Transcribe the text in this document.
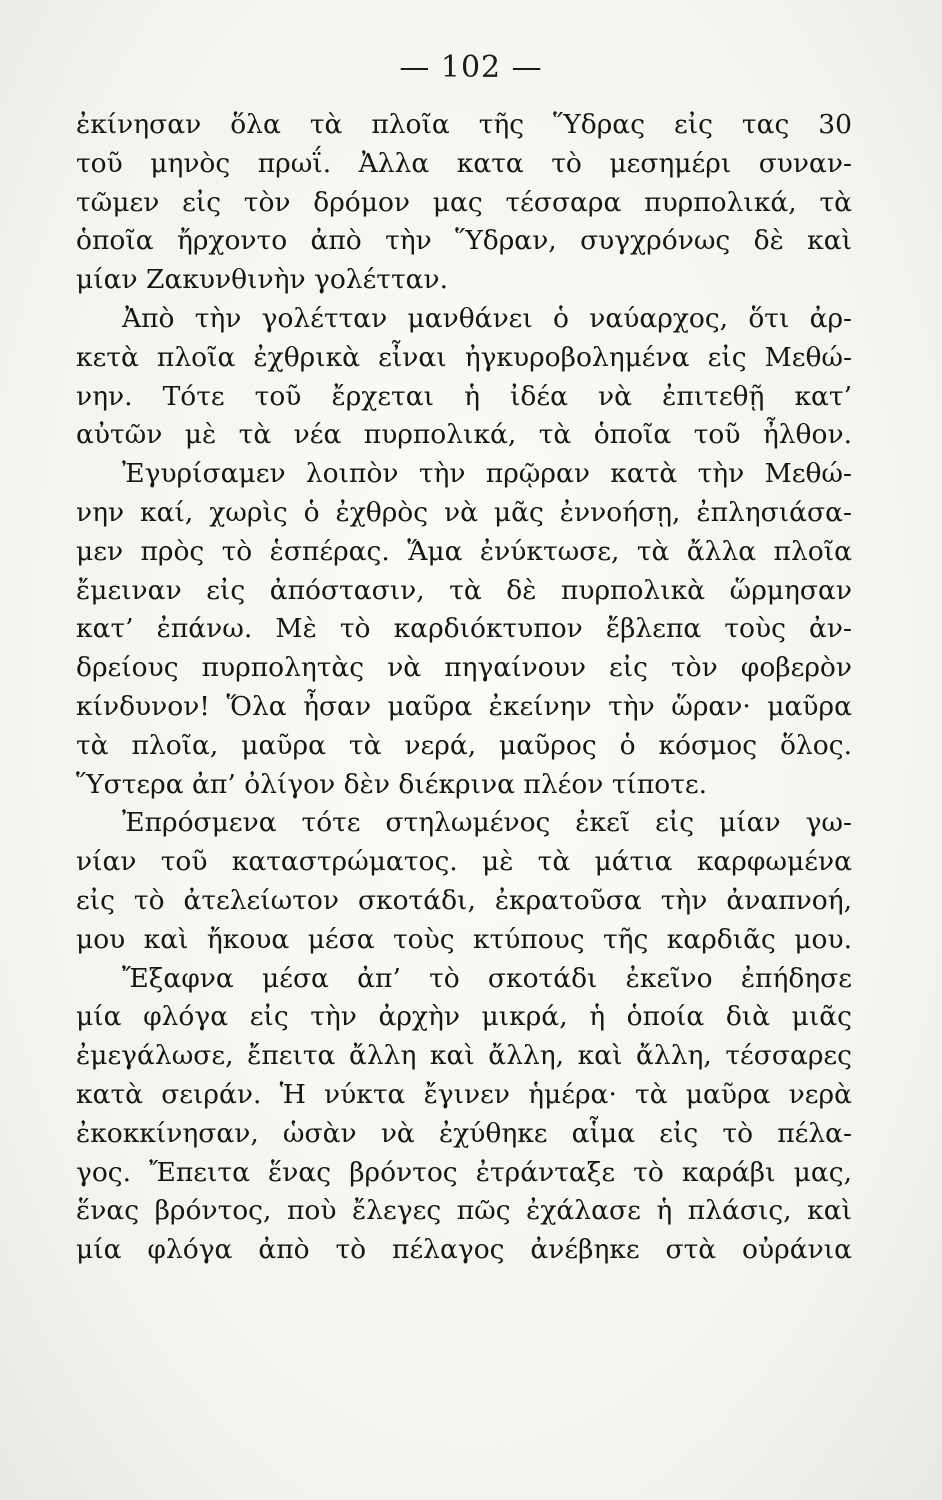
— 102 —
ἐκίνησαν ὅλα τὰ πλοῖα τῆς Ὕδρας εἰς τας 30
τοῦ μηνὸς πρωΐ. Ἀλλα κατα τὸ μεσημέρι συναν-
τῶμεν εἰς τὸν δρόμον μας τέσσαρα πυρπολικά, τὰ
ὁποῖα ἤρχοντο ἀπὸ τὴν Ὕδραν, συγχρόνως δὲ καὶ
μίαν Ζακυνθινὴν γολέτταν.
Ἀπὸ τὴν γολέτταν μανθάνει ὁ ναύαρχος, ὅτι ἀρ-
κετὰ πλοῖα ἐχθρικὰ εἶναι ἠγκυροβολημένα εἰς Μεθώ-
νην. Τότε τοῦ ἔρχεται ἡ ἰδέα νὰ ἐπιτεθῇ κατ’
αὐτῶν μὲ τὰ νέα πυρπολικά, τὰ ὁποῖα τοῦ ἦλθον.
Ἐγυρίσαμεν λοιπὸν τὴν πρῷραν κατὰ τὴν Μεθώ-
νην καί, χωρὶς ὁ ἐχθρὸς νὰ μᾶς ἐννοήσῃ, ἐπλησιάσα-
μεν πρὸς τὸ ἑσπέρας. Ἅμα ἐνύκτωσε, τὰ ἄλλα πλοῖα
ἔμειναν εἰς ἀπόστασιν, τὰ δὲ πυρπολικὰ ὥρμησαν
κατ’ ἐπάνω. Μὲ τὸ καρδιόκτυπον ἔβλεπα τοὺς ἀν-
δρείους πυρπολητὰς νὰ πηγαίνουν εἰς τὸν φοβερὸν
κίνδυνον! Ὅλα ἦσαν μαῦρα ἐκείνην τὴν ὥραν· μαῦρα
τὰ πλοῖα, μαῦρα τὰ νερά, μαῦρος ὁ κόσμος ὅλος.
Ὕστερα ἀπ’ ὀλίγον δὲν διέκρινα πλέον τίποτε.
Ἐπρόσμενα τότε στηλωμένος ἐκεῖ εἰς μίαν γω-
νίαν τοῦ καταστρώματος. μὲ τὰ μάτια καρφωμένα
εἰς τὸ ἀτελείωτον σκοτάδι, ἐκρατοῦσα τὴν ἀναπνοή,
μου καὶ ἤκουα μέσα τοὺς κτύπους τῆς καρδιᾶς μου.
Ἔξαφνα μέσα ἀπ’ τὸ σκοτάδι ἐκεῖνο ἐπήδησε
μία φλόγα εἰς τὴν ἀρχὴν μικρά, ἡ ὁποία διὰ μιᾶς
ἐμεγάλωσε, ἔπειτα ἄλλη καὶ ἄλλη, καὶ ἄλλη, τέσσαρες
κατὰ σειράν. Ἡ νύκτα ἔγινεν ἡμέρα· τὰ μαῦρα νερὰ
ἐκοκκίνησαν, ὡσὰν νὰ ἐχύθηκε αἷμα εἰς τὸ πέλα-
γος. Ἔπειτα ἕνας βρόντος ἐτράνταξε τὸ καράβι μας,
ἕνας βρόντος, ποὺ ἔλεγες πῶς ἐχάλασε ἡ πλάσις, καὶ
μία φλόγα ἀπὸ τὸ πέλαγος ἀνέβηκε στὰ οὐράνια
